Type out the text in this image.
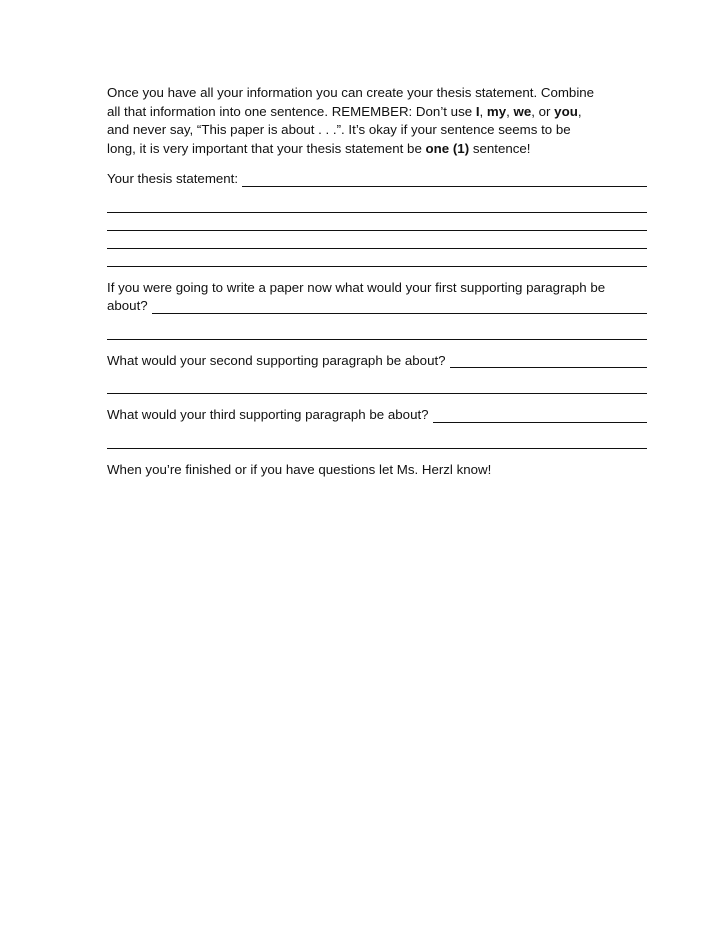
Once you have all your information you can create your thesis statement. Combine

all that information into one sentence. REMEMBER: Don’t use I, my, we, or you,

and never say, “This paper is about . . .”. It’s okay if your sentence seems to be

long, it is very important that your thesis statement be one (1) sentence!

Your thesis statement:

If you were going to write a paper now what would your first supporting paragraph be

about?
What would your second supporting paragraph be about?
What would your third supporting paragraph be about?

When you’re finished or if you have questions let Ms. Herzl know!
